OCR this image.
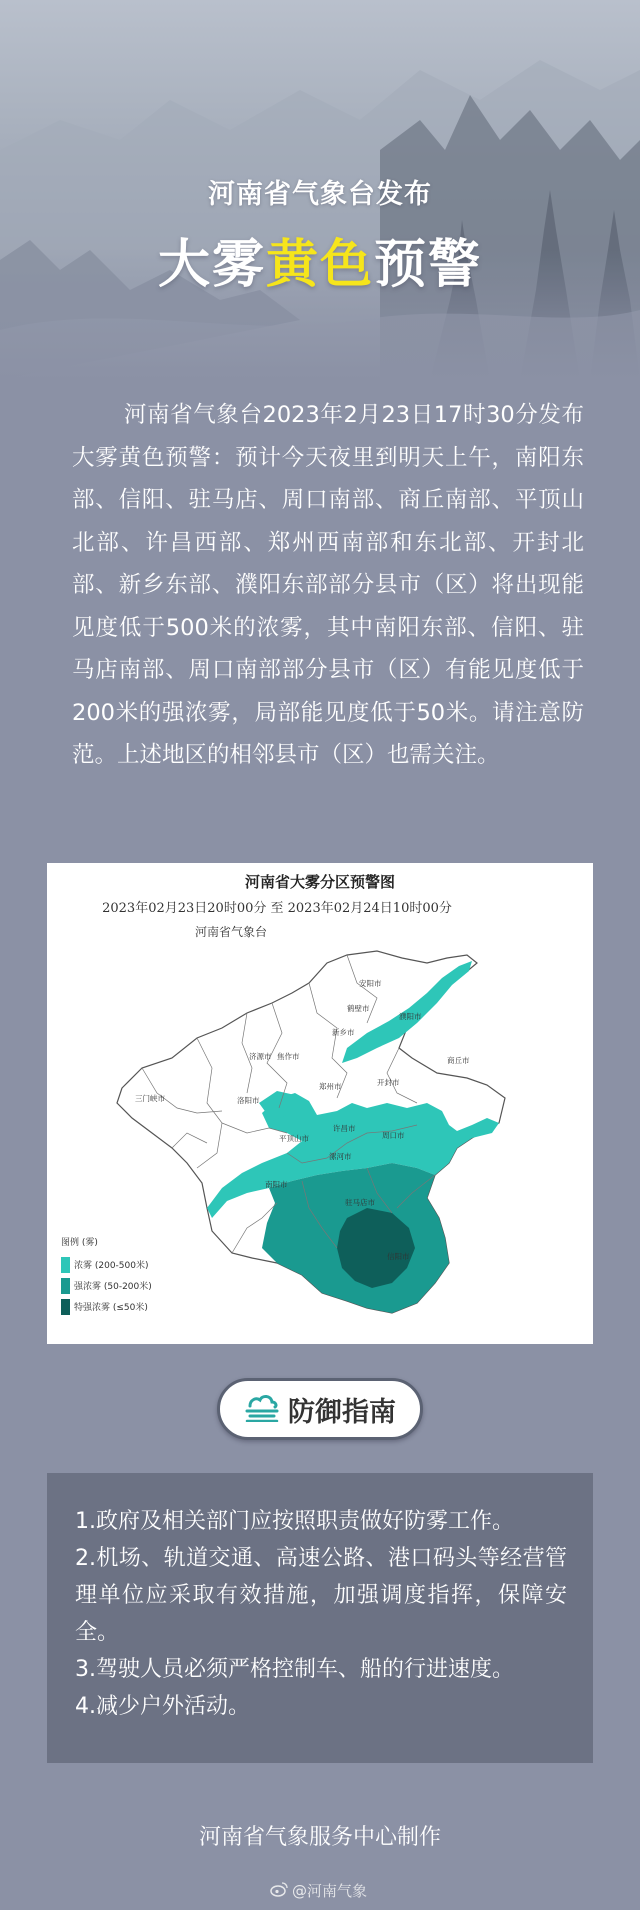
河南省气象台发布
大雾黄色预警
河南省气象台2023年2月23日17时30分发布大雾黄色预警：预计今天夜里到明天上午，南阳东部、信阳、驻马店、周口南部、商丘南部、平顶山北部、许昌西部、郑州西南部和东北部、开封北部、新乡东部、濮阳东部部分县市（区）将出现能见度低于500米的浓雾，其中南阳东部、信阳、驻马店南部、周口南部部分县市（区）有能见度低于200米的强浓雾，局部能见度低于50米。请注意防范。上述地区的相邻县市（区）也需关注。
安阳市
鹤壁市
濮阳市
新乡市
焦作市
济源市
郑州市	开封市
洛阳市
三门峡市
许昌市
平顶山市
漯河市
周口市
南阳市
驻马店市
信阳市
商丘市
河南省大雾分区预警图
2023年02月23日20时00分 至 2023年02月24日10时00分
河南省气象台
图例 (雾)
浓雾 (200-500米)
强浓雾 (50-200米)
特强浓雾 (≤50米)
防御指南
1.政府及相关部门应按照职责做好防雾工作。
2.机场、轨道交通、高速公路、港口码头等经营管理单位应采取有效措施，加强调度指挥，保障安全。
3.驾驶人员必须严格控制车、船的行进速度。
4.减少户外活动。
河南省气象服务中心制作
@河南气象
